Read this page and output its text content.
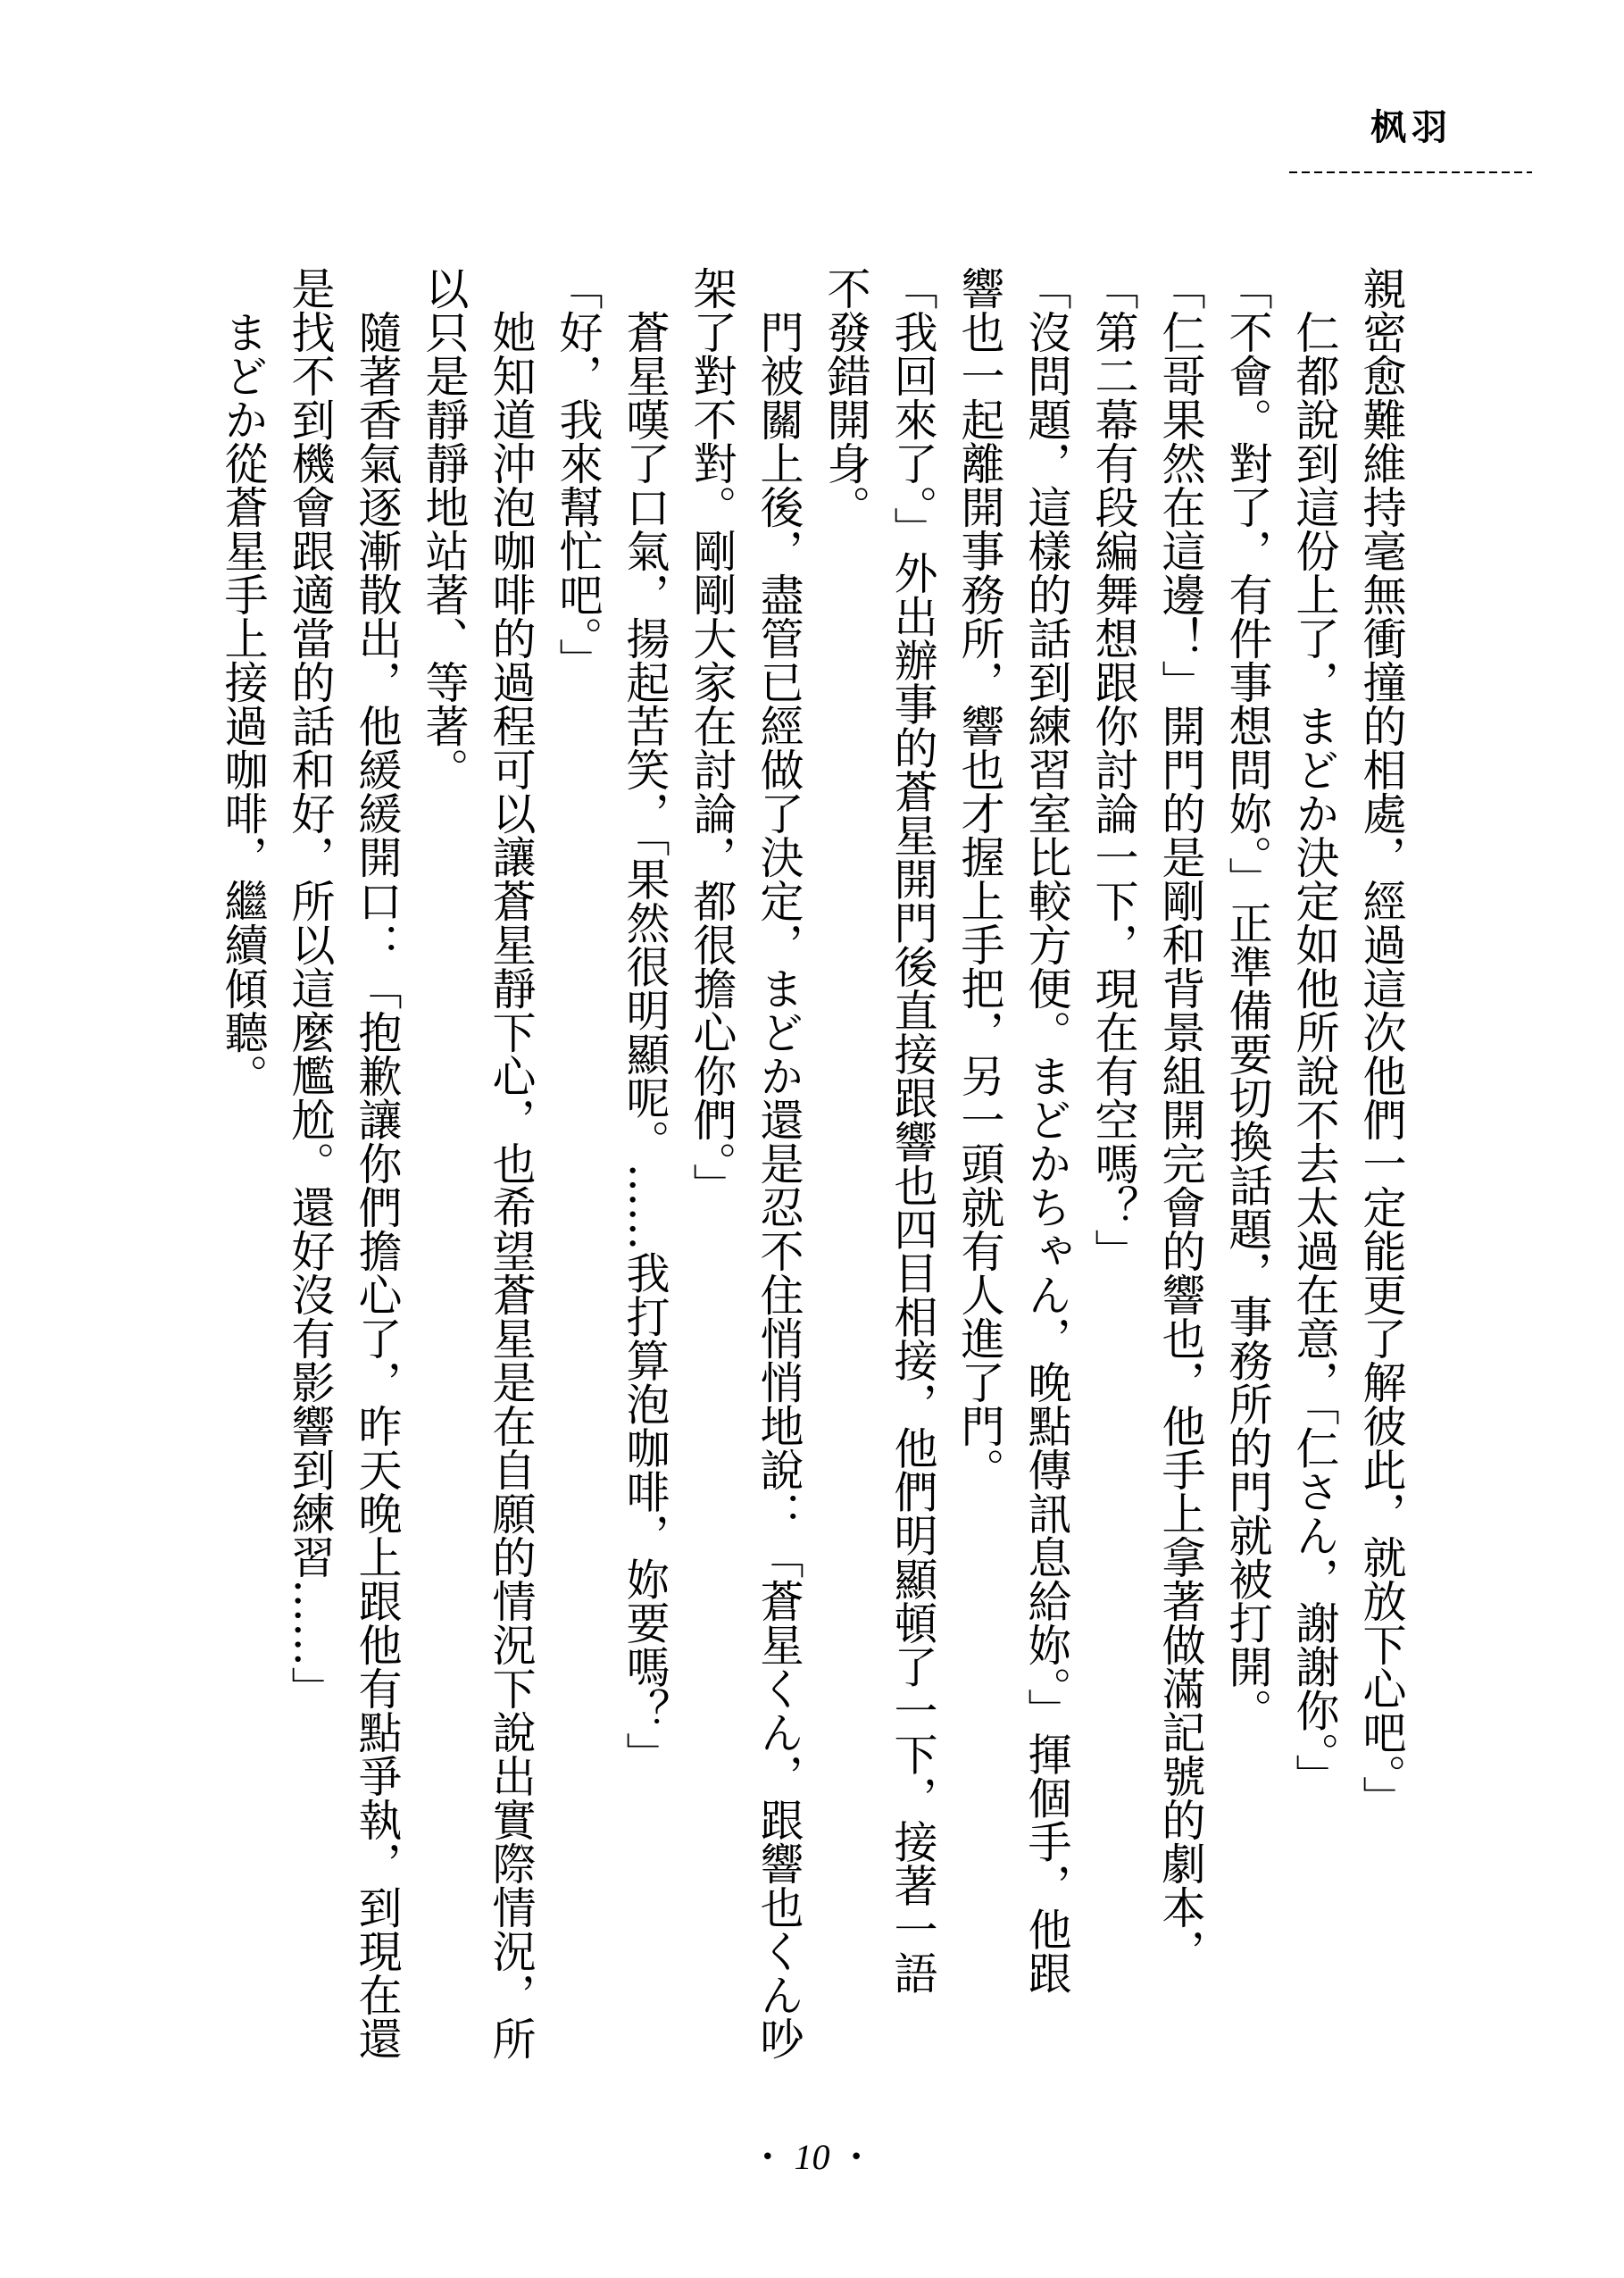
枫羽
親密愈難維持毫無衝撞的相處，經過這次他們一定能更了解彼此，就放下心吧。」
仁都說到這份上了，まどか決定如他所說不去太過在意，「仁さん，謝謝你。」
「不會。對了，有件事想問妳。」正準備要切換話題，事務所的門就被打開。
「仁哥果然在這邊！」開門的是剛和背景組開完會的響也，他手上拿著做滿記號的劇本，
「第二幕有段編舞想跟你討論一下，現在有空嗎？」
「沒問題，這樣的話到練習室比較方便。まどかちゃん，晚點傳訊息給妳。」揮個手，他跟
響也一起離開事務所，響也才握上手把，另一頭就有人進了門。
「我回來了。」外出辦事的蒼星開門後直接跟響也四目相接，他們明顯頓了一下，接著一語
不發錯開身。
門被關上後，盡管已經做了決定，まどか還是忍不住悄悄地說：「蒼星くん，跟響也くん吵
架了對不對。剛剛大家在討論，都很擔心你們。」
蒼星嘆了口氣，揚起苦笑，「果然很明顯呢。……我打算泡咖啡，妳要嗎？」
「好，我來幫忙吧。」
她知道沖泡咖啡的過程可以讓蒼星靜下心，也希望蒼星是在自願的情況下說出實際情況，所
以只是靜靜地站著、等著。
隨著香氣逐漸散出，他緩緩開口：「抱歉讓你們擔心了，昨天晚上跟他有點爭執，到現在還
是找不到機會跟適當的話和好，所以這麼尷尬。還好沒有影響到練習……」
まどか從蒼星手上接過咖啡，繼續傾聽。
• 10 •
